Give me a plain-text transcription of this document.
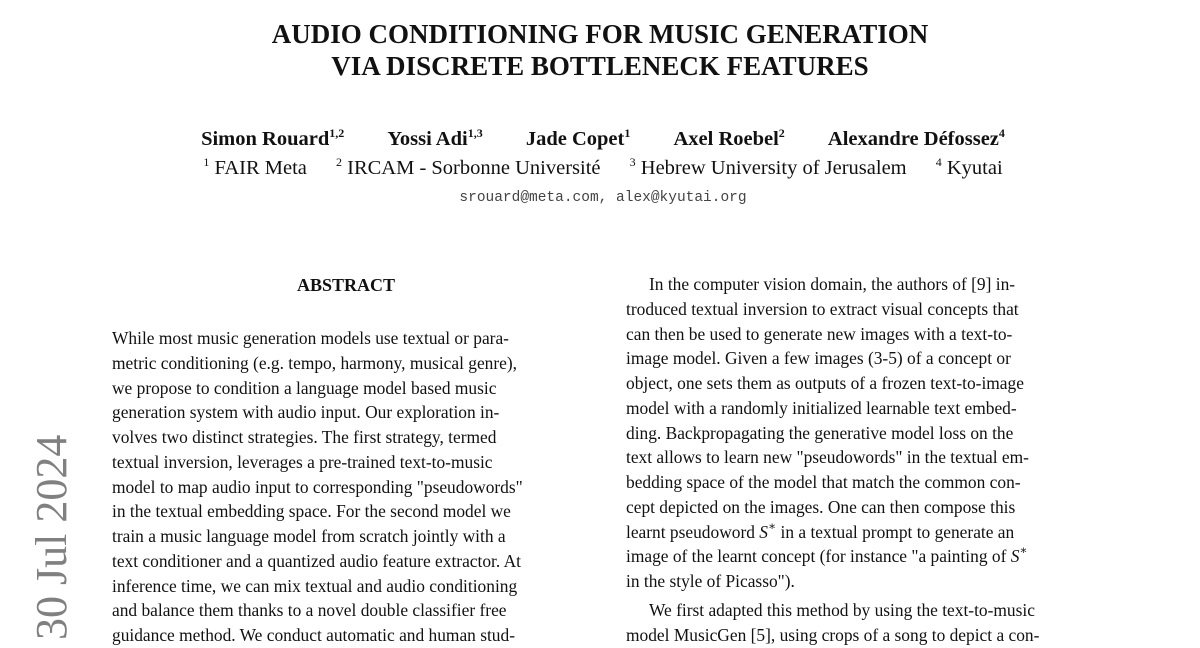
30 Jul 2024
AUDIO CONDITIONING FOR MUSIC GENERATION
VIA DISCRETE BOTTLENECK FEATURES
Simon Rouard$^{1,2}$ Yossi Adi$^{1,3}$ Jade Copet$^1$ Axel Roebel$^2$ Alexandre Défossez$^4$
$^1$ FAIR Meta $^2$ IRCAM - Sorbonne Université $^3$ Hebrew University of Jerusalem $^4$ Kyutai
srouard@meta.com, alex@kyutai.org
ABSTRACT
While most music generation models use textual or para-
metric conditioning (e.g. tempo, harmony, musical genre),
we propose to condition a language model based music
generation system with audio input. Our exploration in-
volves two distinct strategies. The first strategy, termed
textual inversion, leverages a pre-trained text-to-music
model to map audio input to corresponding "pseudowords"
in the textual embedding space. For the second model we
train a music language model from scratch jointly with a
text conditioner and a quantized audio feature extractor. At
inference time, we can mix textual and audio conditioning
and balance them thanks to a novel double classifier free
guidance method. We conduct automatic and human stud-
In the computer vision domain, the authors of [9] in-
troduced textual inversion to extract visual concepts that
can then be used to generate new images with a text-to-
image model. Given a few images (3-5) of a concept or
object, one sets them as outputs of a frozen text-to-image
model with a randomly initialized learnable text embed-
ding. Backpropagating the generative model loss on the
text allows to learn new "pseudowords" in the textual em-
bedding space of the model that match the common con-
cept depicted on the images. One can then compose this
learnt pseudoword S∗ in a textual prompt to generate an
image of the learnt concept (for instance "a painting of S∗
in the style of Picasso").
We first adapted this method by using the text-to-music
model MusicGen [5], using crops of a song to depict a con-
